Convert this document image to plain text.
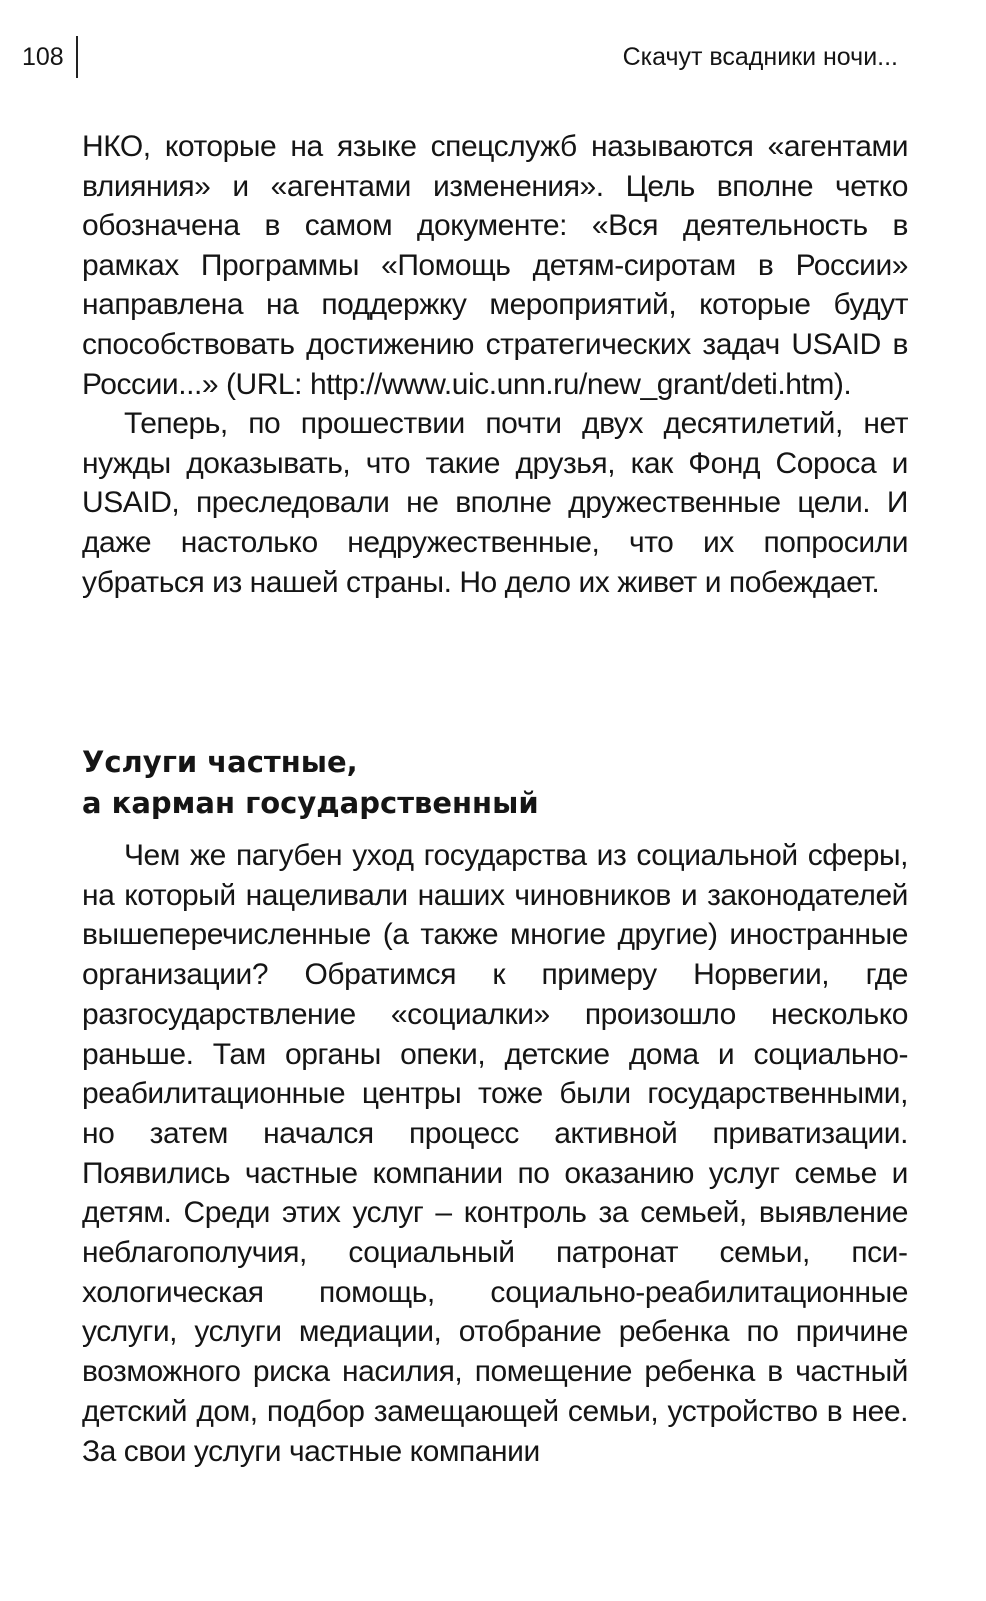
108	Скачут всадники ночи...

НКО, которые на языке спецслужб называются «агентами влияния» и «агентами изменения». Цель вполне четко обозначена в самом документе: «Вся деятельность в рамках Программы «Помощь детям-сиротам в России» направлена на поддержку мероприятий, которые будут способствовать достижению стратегических задач USAID в России...» (URL: http://www.​uic.unn.ru/new_grant/deti.htm).

Теперь, по прошествии почти двух десятилетий, нет нужды доказывать, что такие друзья, как Фонд Сороса и USAID, преследовали не вполне дружественные цели. И даже настолько недружественные, что их попросили убраться из нашей страны. Но дело их живет и побеждает.

Услуги частные,
а карман государственный

Чем же пагубен уход государства из социальной сферы, на который нацеливали наших чиновников и законодателей вышеперечисленные (а также многие другие) иностранные организации? Обратимся к примеру Норвегии, где разгосударствление «социалки» произошло несколько раньше. Там органы опеки, детские дома и социально-реабилитационные центры тоже были государственными, но затем начался процесс активной приватизации. Появились частные компании по оказанию услуг семье и детям. Среди этих услуг – контроль за семьей, выявление неблагополучия, социальный патронат семьи, психологическая помощь, социально-реабилитационные услуги, услуги медиации, отобрание ребенка по причине возможного риска насилия, помещение ребенка в частный детский дом, подбор замещающей семьи, устройство в нее. За свои услуги частные компании
